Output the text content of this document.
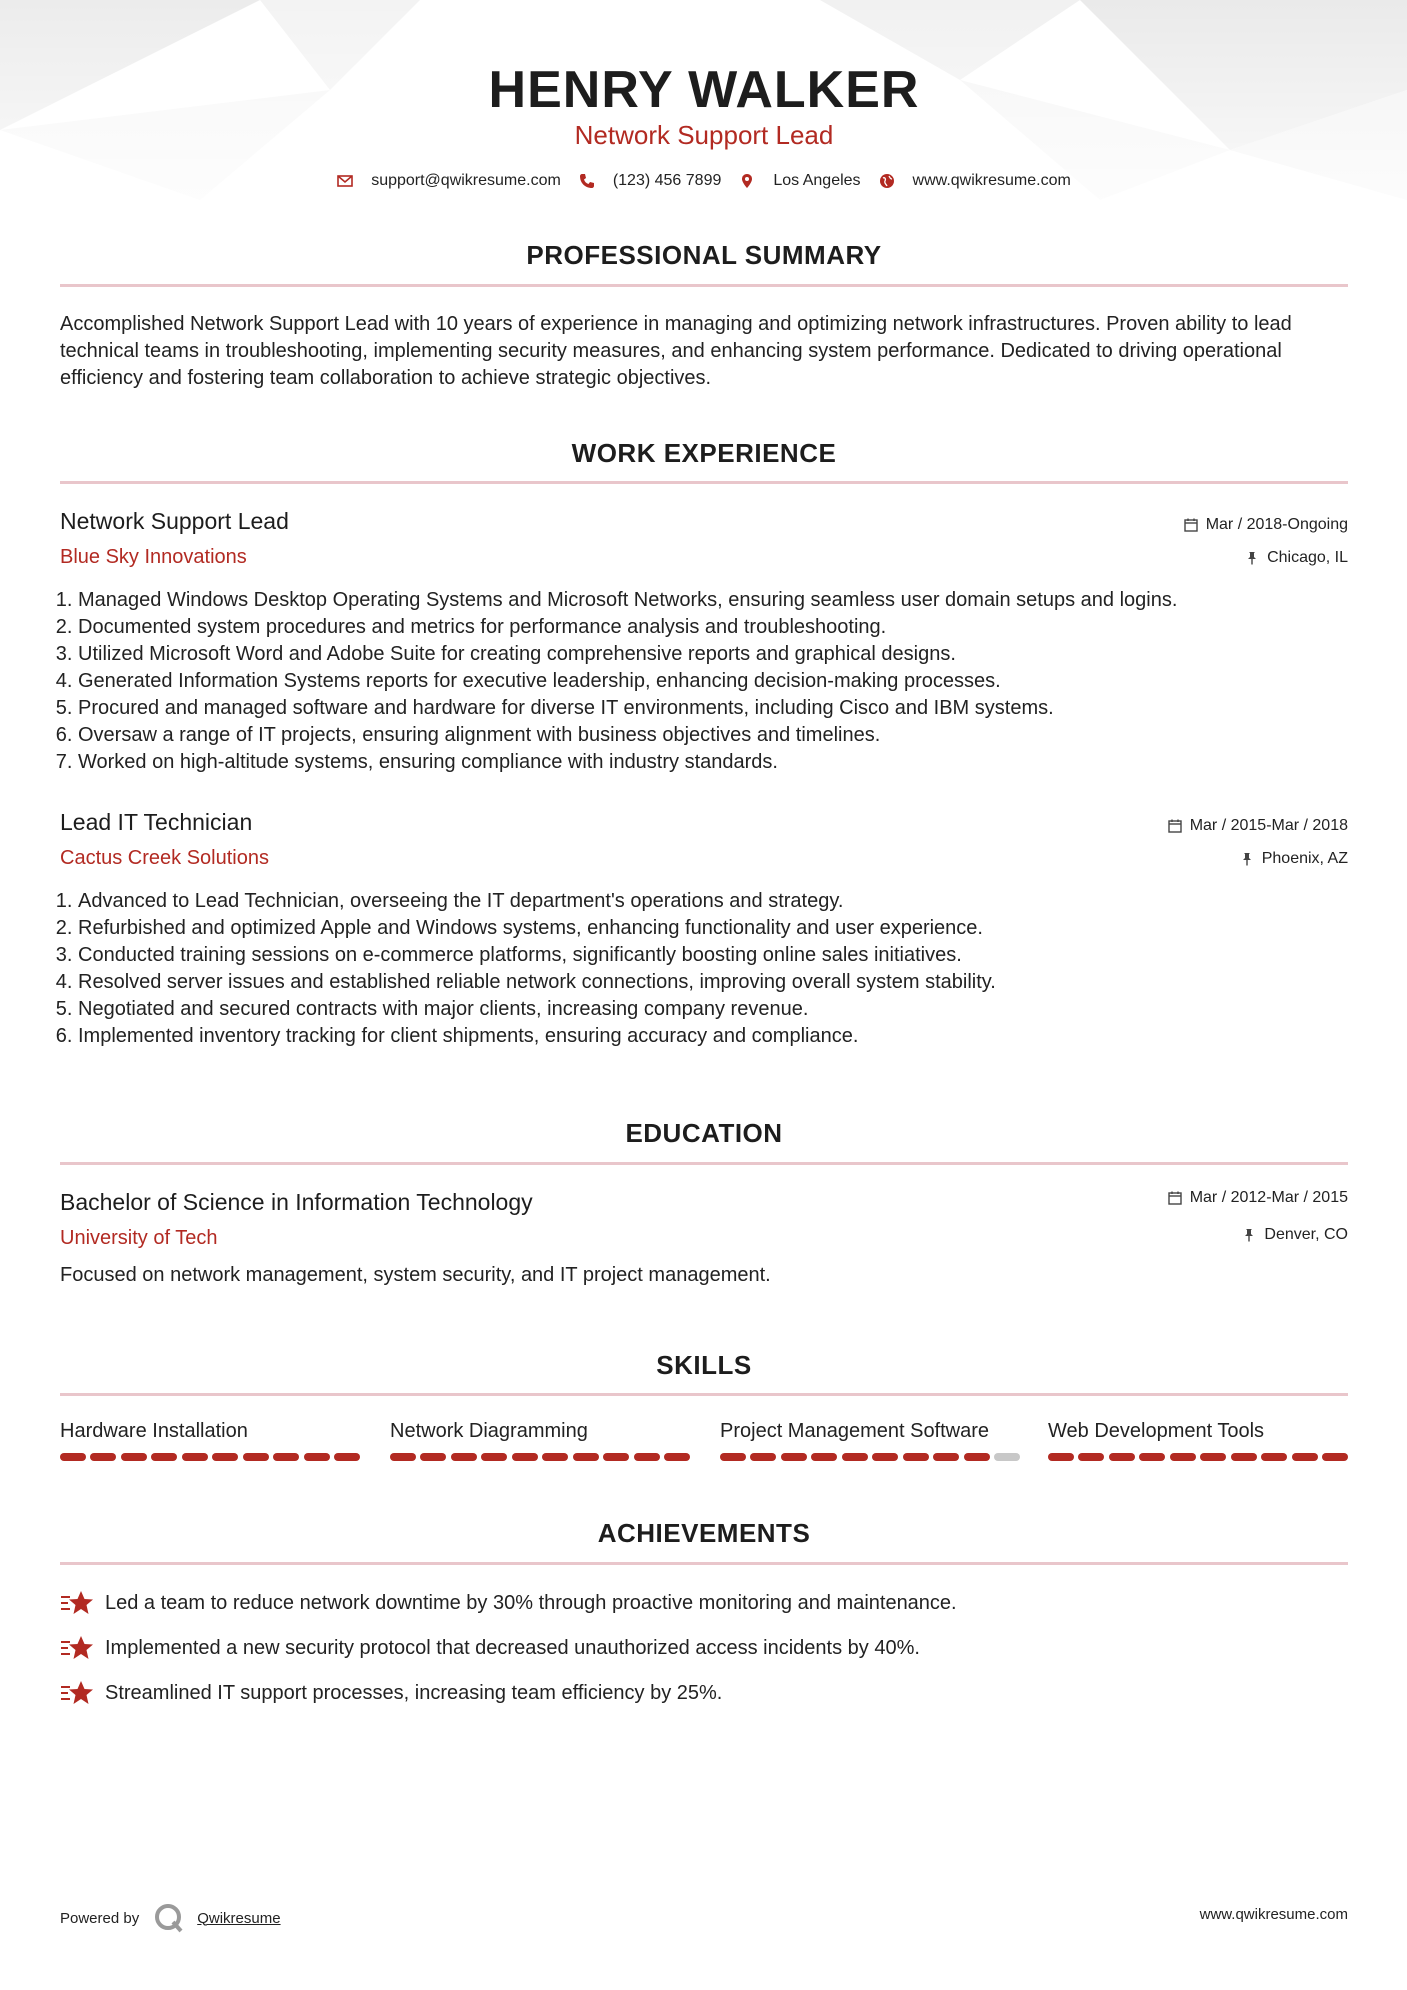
HENRY WALKER
Network Support Lead
support@qwikresume.com	(123) 456 7899	Los Angeles	www.qwikresume.com
PROFESSIONAL SUMMARY
Accomplished Network Support Lead with 10 years of experience in managing and optimizing network infrastructures. Proven ability to lead technical teams in troubleshooting, implementing security measures, and enhancing system performance. Dedicated to driving operational efficiency and fostering team collaboration to achieve strategic objectives.
WORK EXPERIENCE
Network Support Lead	Mar / 2018-Ongoing
Blue Sky Innovations	Chicago, IL
1. Managed Windows Desktop Operating Systems and Microsoft Networks, ensuring seamless user domain setups and logins.
2. Documented system procedures and metrics for performance analysis and troubleshooting.
3. Utilized Microsoft Word and Adobe Suite for creating comprehensive reports and graphical designs.
4. Generated Information Systems reports for executive leadership, enhancing decision-making processes.
5. Procured and managed software and hardware for diverse IT environments, including Cisco and IBM systems.
6. Oversaw a range of IT projects, ensuring alignment with business objectives and timelines.
7. Worked on high-altitude systems, ensuring compliance with industry standards.
Lead IT Technician	Mar / 2015-Mar / 2018
Cactus Creek Solutions	Phoenix, AZ
1. Advanced to Lead Technician, overseeing the IT department's operations and strategy.
2. Refurbished and optimized Apple and Windows systems, enhancing functionality and user experience.
3. Conducted training sessions on e-commerce platforms, significantly boosting online sales initiatives.
4. Resolved server issues and established reliable network connections, improving overall system stability.
5. Negotiated and secured contracts with major clients, increasing company revenue.
6. Implemented inventory tracking for client shipments, ensuring accuracy and compliance.
EDUCATION
Bachelor of Science in Information Technology	Mar / 2012-Mar / 2015
University of Tech	Denver, CO
Focused on network management, system security, and IT project management.
SKILLS
Hardware Installation	Network Diagramming	Project Management Software	Web Development Tools
ACHIEVEMENTS
Led a team to reduce network downtime by 30% through proactive monitoring and maintenance.
Implemented a new security protocol that decreased unauthorized access incidents by 40%.
Streamlined IT support processes, increasing team efficiency by 25%.
Powered by	Qwikresume	www.qwikresume.com
